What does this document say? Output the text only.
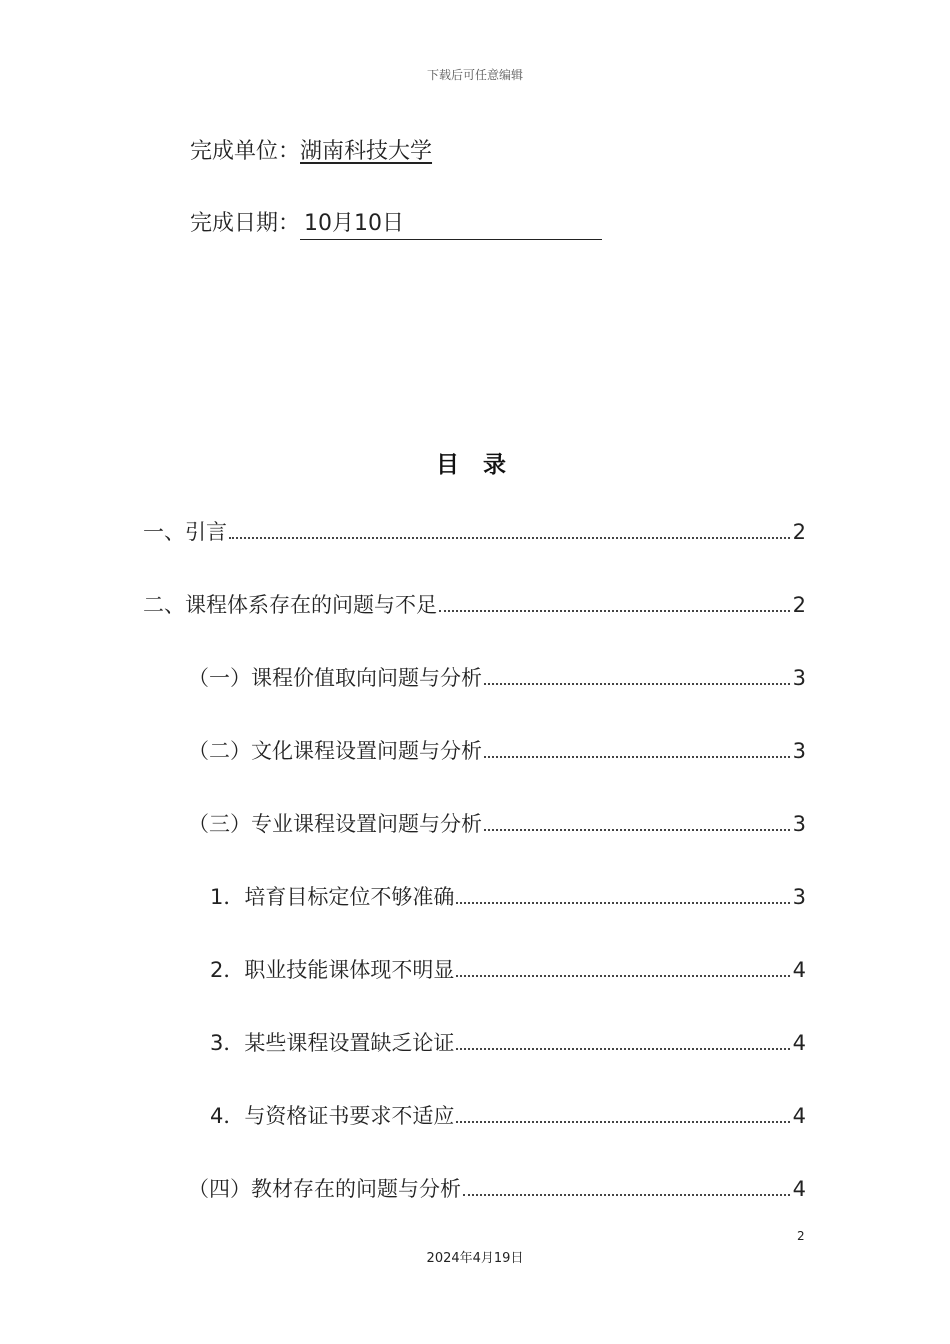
下载后可任意编辑
完成单位：湖南科技大学
完成日期： 10月10日
目 录
一、引言	2
二、课程体系存在的问题与不足	2
（一）课程价值取向问题与分析	3
（二）文化课程设置问题与分析	3
（三）专业课程设置问题与分析	3
1．培育目标定位不够准确	3
2．职业技能课体现不明显	4
3．某些课程设置缺乏论证	4
4．与资格证书要求不适应	4
（四）教材存在的问题与分析	4
2
2024年4月19日
